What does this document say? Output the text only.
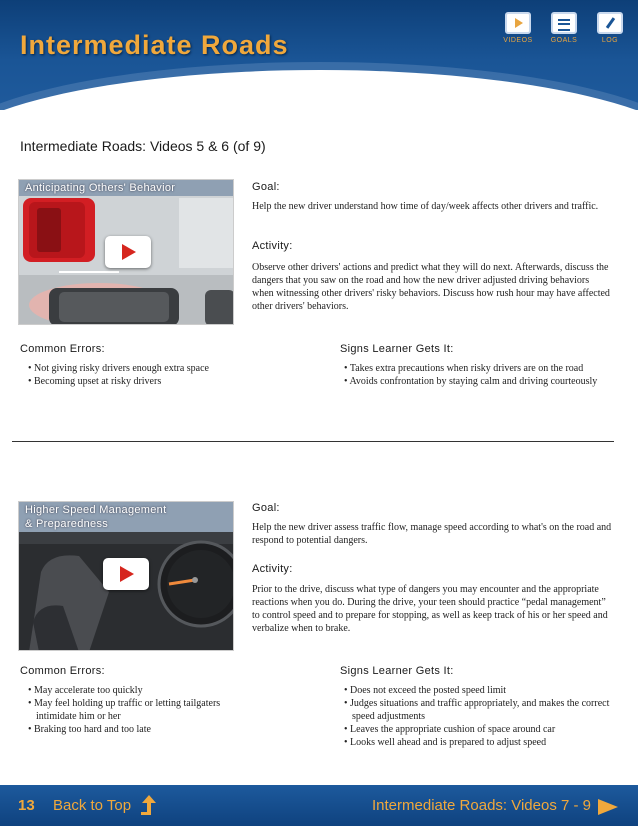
Intermediate Roads	VIDEOS	GOALS	LOG
Intermediate Roads: Videos 5 & 6 (of 9)
Anticipating Others' Behavior	Goal:
Help the new driver understand how time of day/week affects other drivers and traffic.
Activity:
Observe other drivers' actions and predict what they will do next. Afterwards, discuss the dangers that you saw on the road and how the new driver adjusted driving behaviors when witnessing other drivers' risky behaviors. Discuss how rush hour may have affected other drivers' behaviors.
Common Errors:
• Not giving risky drivers enough extra space
• Becoming upset at risky drivers
Signs Learner Gets It:
• Takes extra precautions when risky drivers are on the road
• Avoids confrontation by staying calm and driving courteously
Higher Speed Management
& Preparedness
Goal:
Help the new driver assess traffic flow, manage speed according to what's on the road and respond to potential dangers.
Activity:
Prior to the drive, discuss what type of dangers you may encounter and the appropriate reactions when you do. During the drive, your teen should practice “pedal management” to control speed and to prepare for stopping, as well as keep track of his or her speed and verbalize when to brake.
Common Errors:
• May accelerate too quickly
• May feel holding up traffic or letting tailgaters intimidate him or her
• Braking too hard and too late
Signs Learner Gets It:
• Does not exceed the posted speed limit
• Judges situations and traffic appropriately, and makes the correct speed adjustments
• Leaves the appropriate cushion of space around car
• Looks well ahead and is prepared to adjust speed
13 Back to Top	Intermediate Roads: Videos 7 - 9
